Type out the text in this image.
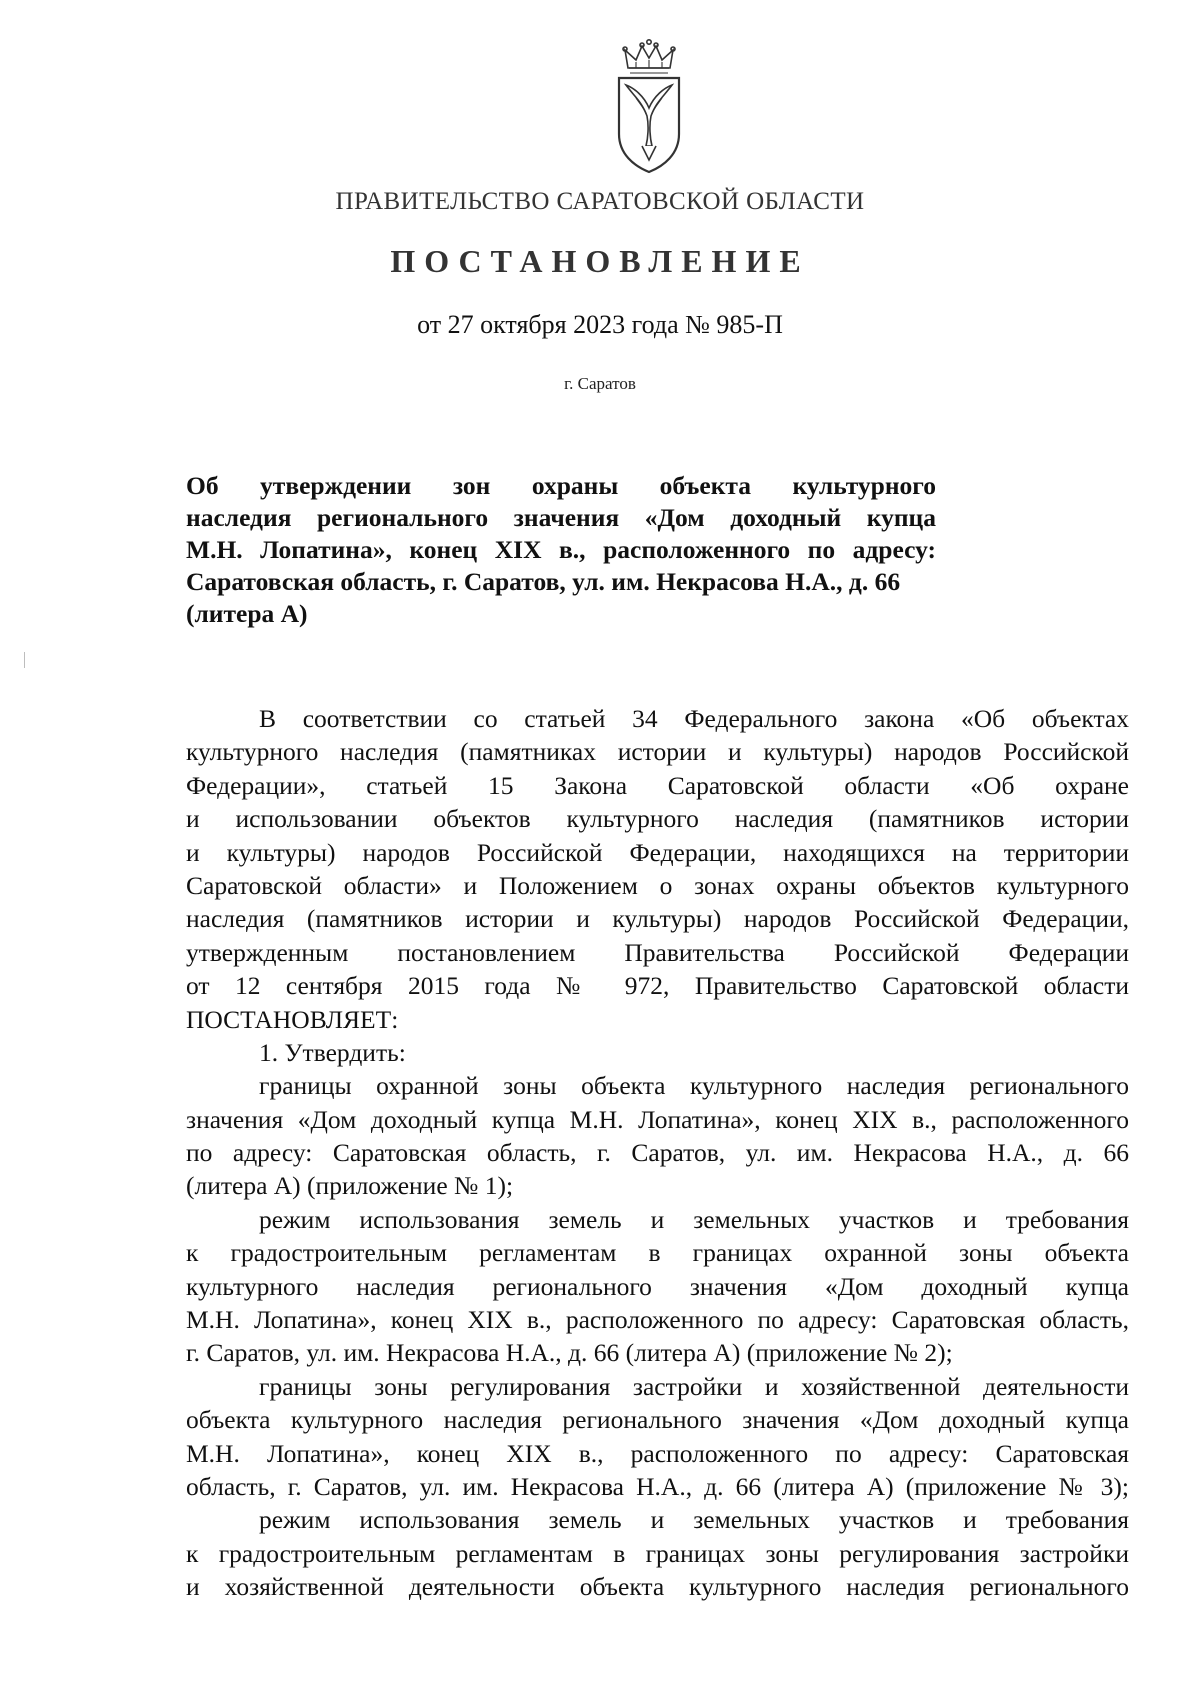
ПРАВИТЕЛЬСТВО САРАТОВСКОЙ ОБЛАСТИ
ПОСТАНОВЛЕНИЕ
от 27 октября 2023 года № 985-П
г. Саратов
Об утверждении зон охраны объекта культурного
наследия регионального значения «Дом доходный купца
М.Н. Лопатина», конец XIX в., расположенного по адресу:
Саратовская область, г. Саратов, ул. им. Некрасова Н.А., д. 66
(литера А)
В соответствии со статьей 34 Федерального закона «Об объектах
культурного наследия (памятниках истории и культуры) народов Российской
Федерации», статьей 15 Закона Саратовской области «Об охране
и использовании объектов культурного наследия (памятников истории
и культуры) народов Российской Федерации, находящихся на территории
Саратовской области» и Положением о зонах охраны объектов культурного
наследия (памятников истории и культуры) народов Российской Федерации,
утвержденным постановлением Правительства Российской Федерации
от 12 сентября 2015 года № 972, Правительство Саратовской области
ПОСТАНОВЛЯЕТ:
1. Утвердить:
границы охранной зоны объекта культурного наследия регионального
значения «Дом доходный купца М.Н. Лопатина», конец XIX в., расположенного
по адресу: Саратовская область, г. Саратов, ул. им. Некрасова Н.А., д. 66
(литера А) (приложение № 1);
режим использования земель и земельных участков и требования
к градостроительным регламентам в границах охранной зоны объекта
культурного наследия регионального значения «Дом доходный купца
М.Н. Лопатина», конец XIX в., расположенного по адресу: Саратовская область,
г. Саратов, ул. им. Некрасова Н.А., д. 66 (литера А) (приложение № 2);
границы зоны регулирования застройки и хозяйственной деятельности
объекта культурного наследия регионального значения «Дом доходный купца
М.Н. Лопатина», конец XIX в., расположенного по адресу: Саратовская
область, г. Саратов, ул. им. Некрасова Н.А., д. 66 (литера А) (приложение № 3);
режим использования земель и земельных участков и требования
к градостроительным регламентам в границах зоны регулирования застройки
и хозяйственной деятельности объекта культурного наследия регионального
